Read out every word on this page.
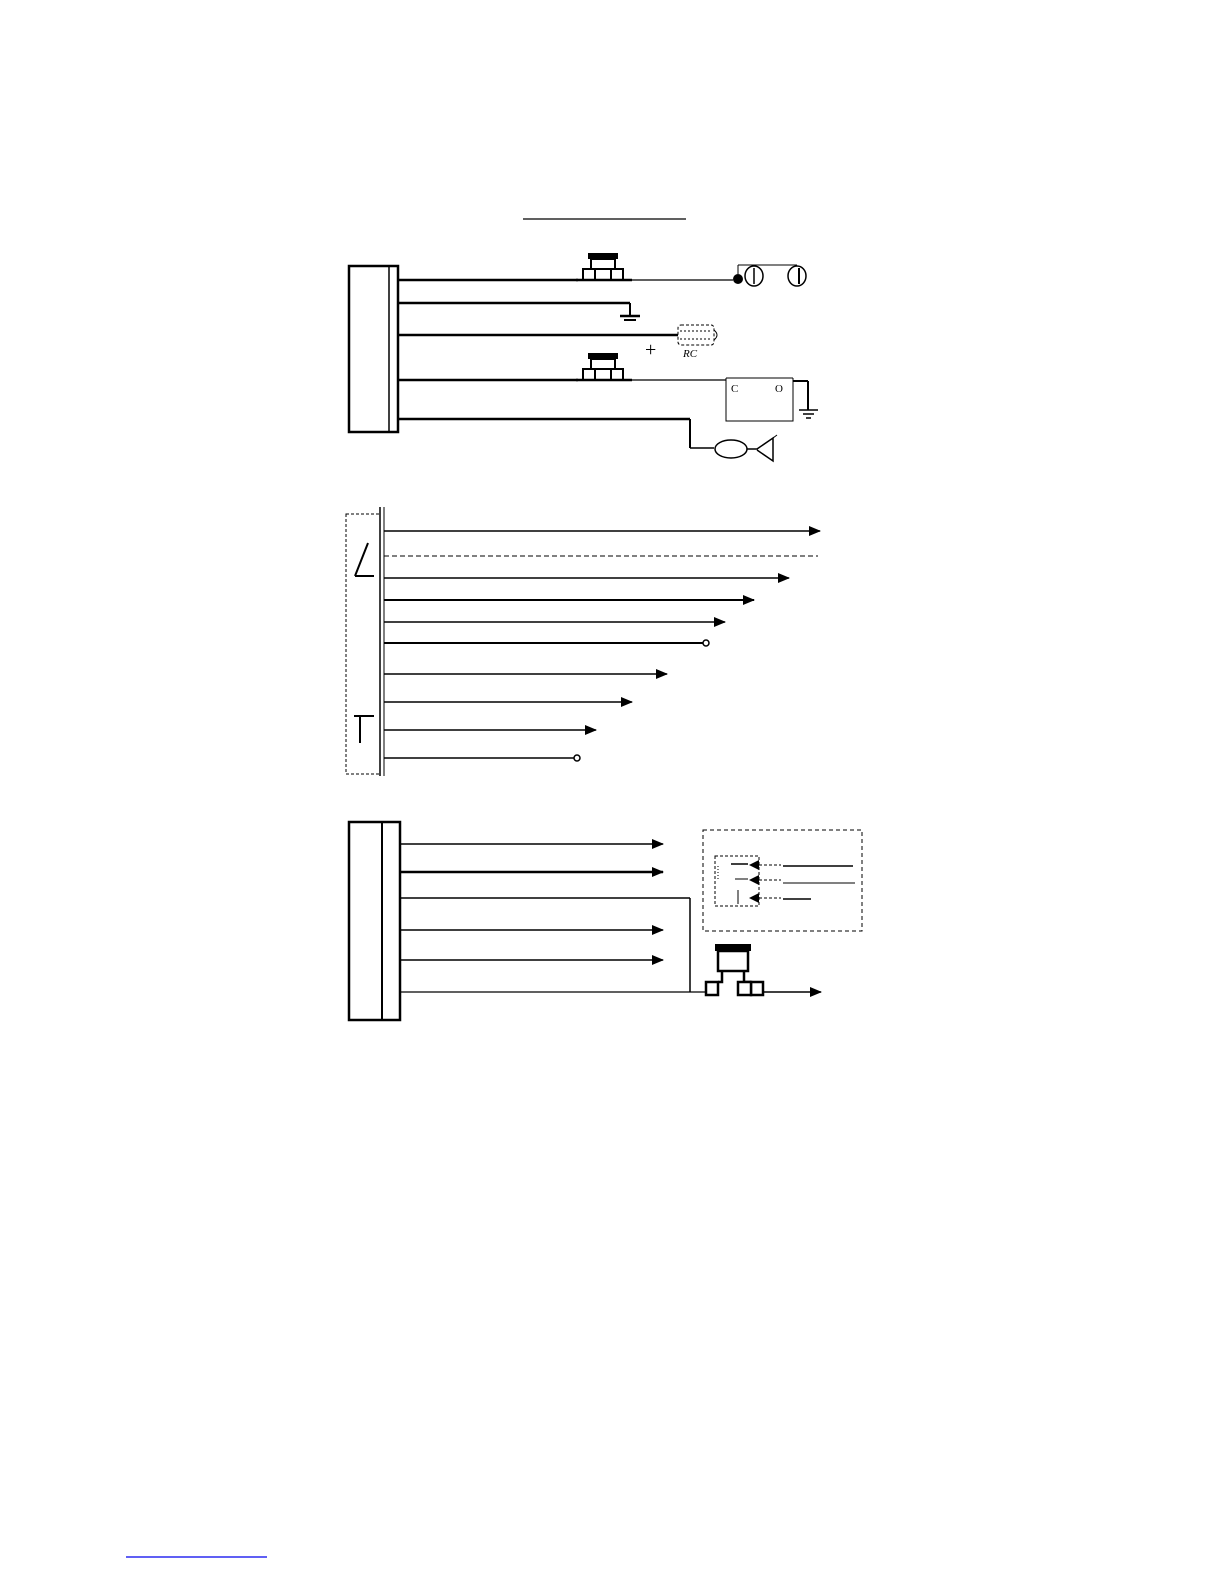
+ RC
C	O
